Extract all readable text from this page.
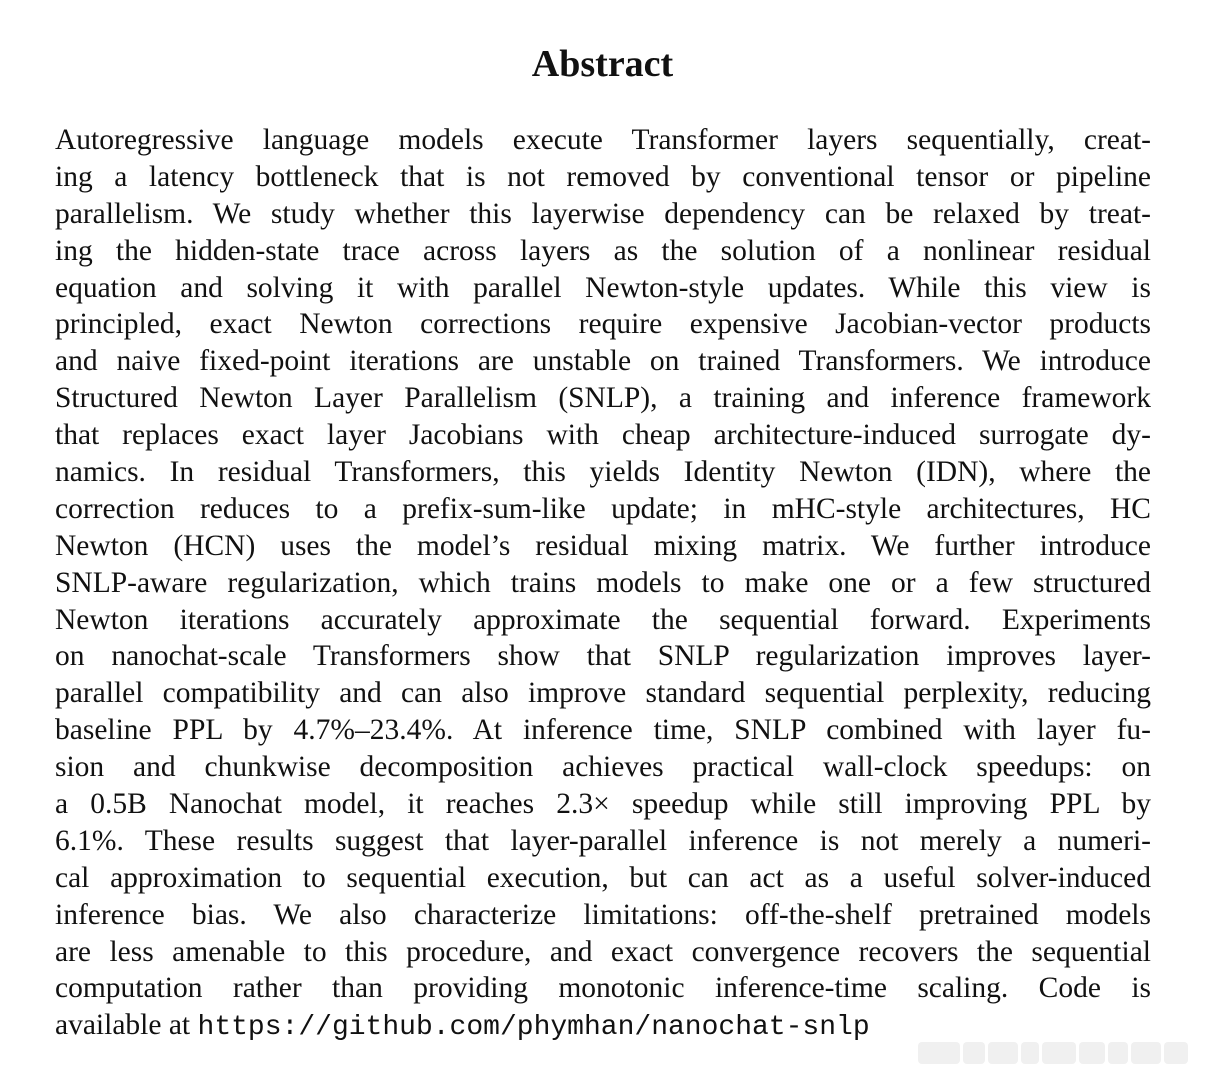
Abstract
Autoregressive language models execute Transformer layers sequentially, creat-
ing a latency bottleneck that is not removed by conventional tensor or pipeline
parallelism. We study whether this layerwise dependency can be relaxed by treat-
ing the hidden-state trace across layers as the solution of a nonlinear residual
equation and solving it with parallel Newton-style updates. While this view is
principled, exact Newton corrections require expensive Jacobian-vector products
and naive fixed-point iterations are unstable on trained Transformers. We introduce
Structured Newton Layer Parallelism (SNLP), a training and inference framework
that replaces exact layer Jacobians with cheap architecture-induced surrogate dy-
namics. In residual Transformers, this yields Identity Newton (IDN), where the
correction reduces to a prefix-sum-like update; in mHC-style architectures, HC
Newton (HCN) uses the model’s residual mixing matrix. We further introduce
SNLP-aware regularization, which trains models to make one or a few structured
Newton iterations accurately approximate the sequential forward. Experiments
on nanochat-scale Transformers show that SNLP regularization improves layer-
parallel compatibility and can also improve standard sequential perplexity, reducing
baseline PPL by 4.7%–23.4%. At inference time, SNLP combined with layer fu-
sion and chunkwise decomposition achieves practical wall-clock speedups: on
a 0.5B Nanochat model, it reaches 2.3× speedup while still improving PPL by
6.1%. These results suggest that layer-parallel inference is not merely a numeri-
cal approximation to sequential execution, but can act as a useful solver-induced
inference bias. We also characterize limitations: off-the-shelf pretrained models
are less amenable to this procedure, and exact convergence recovers the sequential
computation rather than providing monotonic inference-time scaling. Code is
available at https://github.com/phymhan/nanochat-snlp
